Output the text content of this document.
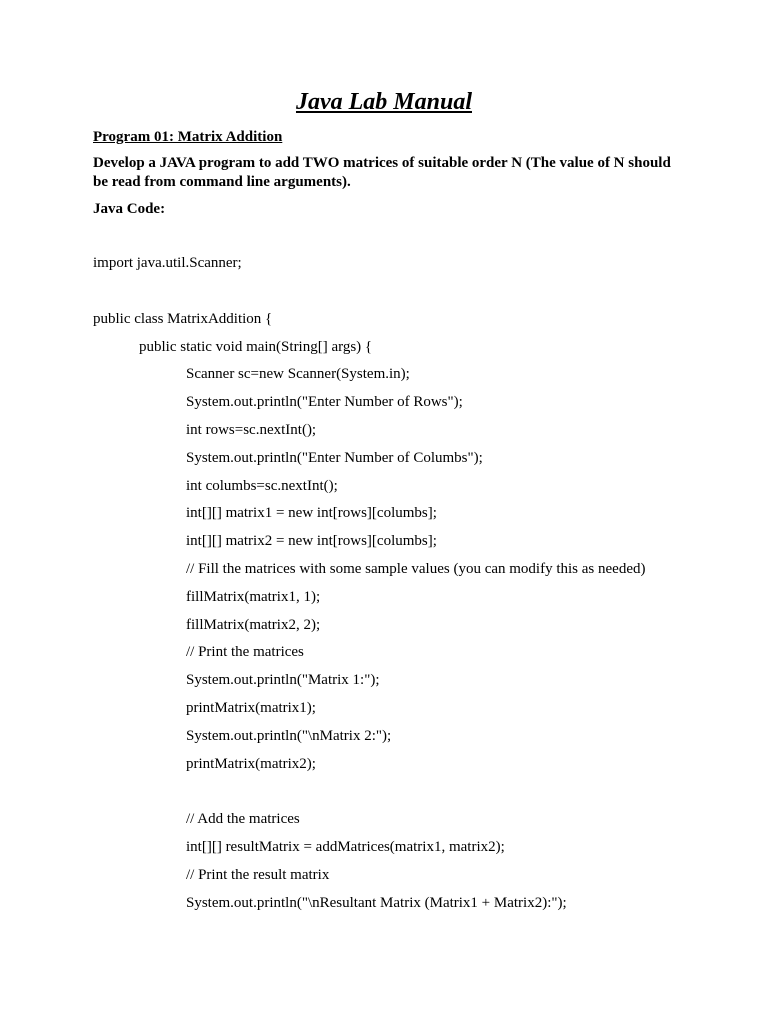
Java Lab Manual
Program 01: Matrix Addition
Develop a JAVA program to add TWO matrices of suitable order N (The value of N should be read from command line arguments).
Java Code:
import java.util.Scanner;
public class MatrixAddition {
public static void main(String[] args) {
Scanner sc=new Scanner(System.in);
System.out.println("Enter Number of Rows");
int rows=sc.nextInt();
System.out.println("Enter Number of Columbs");
int columbs=sc.nextInt();
int[][] matrix1 = new int[rows][columbs];
int[][] matrix2 = new int[rows][columbs];
// Fill the matrices with some sample values (you can modify this as needed)
fillMatrix(matrix1, 1);
fillMatrix(matrix2, 2);
// Print the matrices
System.out.println("Matrix 1:");
printMatrix(matrix1);
System.out.println("\nMatrix 2:");
printMatrix(matrix2);
// Add the matrices
int[][] resultMatrix = addMatrices(matrix1, matrix2);
// Print the result matrix
System.out.println("\nResultant Matrix (Matrix1 + Matrix2):");
